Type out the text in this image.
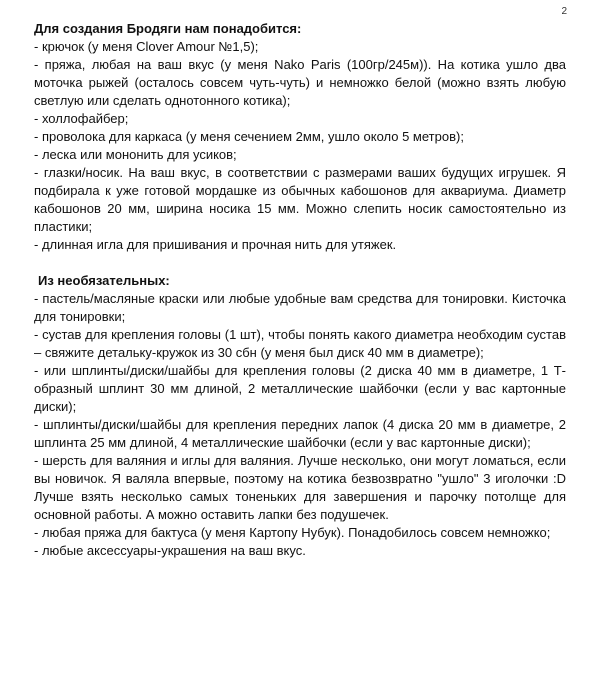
2

Для создания Бродяги нам понадобится:

- крючок (у меня Clover Amour №1,5);
- пряжа, любая на ваш вкус (у меня Nako Paris (100гр/245м)). На котика ушло два моточка рыжей (осталось совсем чуть-чуть) и немножко белой (можно взять любую светлую или сделать однотонного котика);
- холлофайбер;
- проволока для каркаса (у меня сечением 2мм, ушло около 5 метров);
- леска или мононить для усиков;
- глазки/носик. На ваш вкус, в соответствии с размерами ваших будущих игрушек. Я подбирала к уже готовой мордашке из обычных кабошонов для аквариума. Диаметр кабошонов 20 мм, ширина носика 15 мм. Можно слепить носик самостоятельно из пластики;
- длинная игла для пришивания и прочная нить для утяжек.

Из необязательных:

- пастель/масляные краски или любые удобные вам средства для тонировки. Кисточка для тонировки;
- сустав для крепления головы (1 шт), чтобы понять какого диаметра необходим сустав – свяжите детальку-кружок из 30 сбн (у меня был диск 40 мм в диаметре);
- или шплинты/диски/шайбы для крепления головы (2 диска 40 мм в диаметре, 1 Т-образный шплинт 30 мм длиной, 2 металлические шайбочки (если у вас картонные диски);
- шплинты/диски/шайбы для крепления передних лапок (4 диска 20 мм в диаметре, 2 шплинта 25 мм длиной, 4 металлические шайбочки (если у вас картонные диски);
- шерсть для валяния и иглы для валяния. Лучше несколько, они могут ломаться, если вы новичок. Я валяла впервые, поэтому на котика безвозвратно "ушло" 3 иголочки :D Лучше взять несколько самых тоненьких для завершения и парочку потолще для основной работы. А можно оставить лапки без подушечек.
- любая пряжа для бактуса (у меня Картопу Нубук). Понадобилось совсем немножко;
- любые аксессуары-украшения на ваш вкус.
